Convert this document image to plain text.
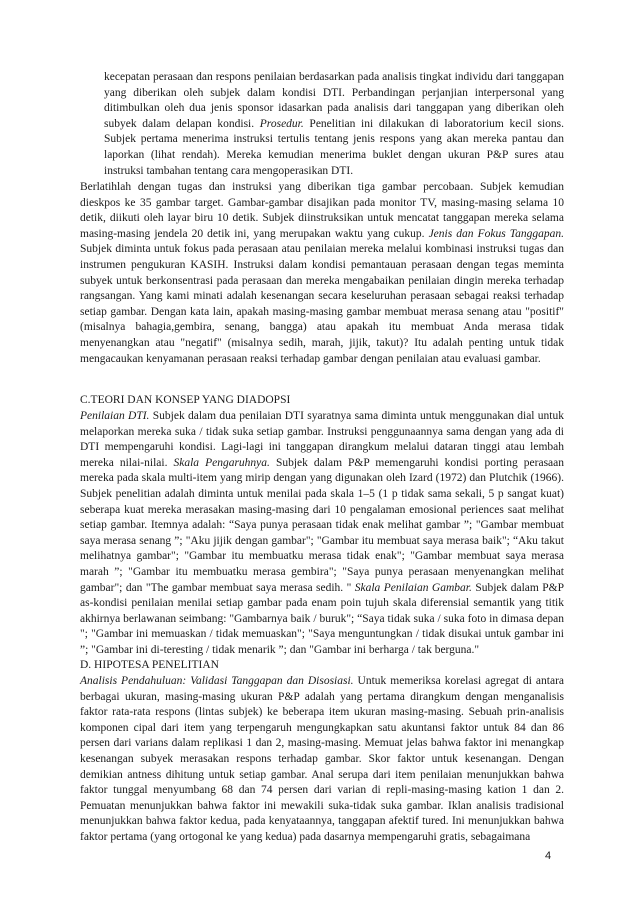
kecepatan perasaan dan respons penilaian berdasarkan pada analisis tingkat individu dari tanggapan yang diberikan oleh subjek dalam kondisi DTI. Perbandingan perjanjian interpersonal yang ditimbulkan oleh dua jenis sponsor idasarkan pada analisis dari tanggapan yang diberikan oleh subyek dalam delapan kondisi. Prosedur. Penelitian ini dilakukan di laboratorium kecil sions. Subjek pertama menerima instruksi tertulis tentang jenis respons yang akan mereka pantau dan laporkan (lihat rendah). Mereka kemudian menerima buklet dengan ukuran P&P sures atau instruksi tambahan tentang cara mengoperasikan DTI.

Berlatihlah dengan tugas dan instruksi yang diberikan tiga gambar percobaan. Subjek kemudian dieskpos ke 35 gambar target. Gambar-gambar disajikan pada monitor TV, masing-masing selama 10 detik, diikuti oleh layar biru 10 detik. Subjek diinstruksikan untuk mencatat tanggapan mereka selama masing-masing jendela 20 detik ini, yang merupakan waktu yang cukup. Jenis dan Fokus Tanggapan. Subjek diminta untuk fokus pada perasaan atau penilaian mereka melalui kombinasi instruksi tugas dan instrumen pengukuran KASIH. Instruksi dalam kondisi pemantauan perasaan dengan tegas meminta subyek untuk berkonsentrasi pada perasaan dan mereka mengabaikan penilaian dingin mereka terhadap rangsangan. Yang kami minati adalah kesenangan secara keseluruhan perasaan sebagai reaksi terhadap setiap gambar. Dengan kata lain, apakah masing-masing gambar membuat merasa senang atau "positif" (misalnya bahagia,gembira, senang, bangga) atau apakah itu membuat Anda merasa tidak menyenangkan atau "negatif" (misalnya sedih, marah, jijik, takut)? Itu adalah penting untuk tidak mengacaukan kenyamanan perasaan reaksi terhadap gambar dengan penilaian atau evaluasi gambar.

C.TEORI DAN KONSEP YANG DIADOPSI

Penilaian DTI. Subjek dalam dua penilaian DTI syaratnya sama diminta untuk menggunakan dial untuk melaporkan mereka suka / tidak suka setiap gambar. Instruksi penggunaannya sama dengan yang ada di DTI mempengaruhi kondisi. Lagi-lagi ini tanggapan dirangkum melalui dataran tinggi atau lembah mereka nilai-nilai. Skala Pengaruhnya. Subjek dalam P&P memengaruhi kondisi porting perasaan mereka pada skala multi-item yang mirip dengan yang digunakan oleh Izard (1972) dan Plutchik (1966). Subjek penelitian adalah diminta untuk menilai pada skala 1–5 (1 p tidak sama sekali, 5 p sangat kuat) seberapa kuat mereka merasakan masing-masing dari 10 pengalaman emosional periences saat melihat setiap gambar. Itemnya adalah: “Saya punya perasaan tidak enak melihat gambar ”; "Gambar membuat saya merasa senang ”; "Aku jijik dengan gambar"; "Gambar itu membuat saya merasa baik"; “Aku takut melihatnya gambar"; "Gambar itu membuatku merasa tidak enak"; "Gambar membuat saya merasa marah ”; "Gambar itu membuatku merasa gembira"; "Saya punya perasaan menyenangkan melihat gambar"; dan "The gambar membuat saya merasa sedih. " Skala Penilaian Gambar. Subjek dalam P&P as-kondisi penilaian menilai setiap gambar pada enam poin tujuh skala diferensial semantik yang titik akhirnya berlawanan seimbang: "Gambarnya baik / buruk"; “Saya tidak suka / suka foto in dimasa depan "; "Gambar ini memuaskan / tidak memuaskan"; "Saya menguntungkan / tidak disukai untuk gambar ini ”; "Gambar ini di-teresting / tidak menarik ”; dan "Gambar ini berharga / tak berguna."

D. HIPOTESA PENELITIAN

Analisis Pendahuluan: Validasi Tanggapan dan Disosiasi. Untuk memeriksa korelasi agregat di antara berbagai ukuran, masing-masing ukuran P&P adalah yang pertama dirangkum dengan menganalisis faktor rata-rata respons (lintas subjek) ke beberapa item ukuran masing-masing. Sebuah prin-analisis komponen cipal dari item yang terpengaruh mengungkapkan satu akuntansi faktor untuk 84 dan 86 persen dari varians dalam replikasi 1 dan 2, masing-masing. Memuat jelas bahwa faktor ini menangkap kesenangan subyek merasakan respons terhadap gambar. Skor faktor untuk kesenangan. Dengan demikian antness dihitung untuk setiap gambar. Anal serupa dari item penilaian menunjukkan bahwa faktor tunggal menyumbang 68 dan 74 persen dari varian di repli-masing-masing kation 1 dan 2. Pemuatan menunjukkan bahwa faktor ini mewakili suka-tidak suka gambar. Iklan analisis tradisional menunjukkan bahwa faktor kedua, pada kenyataannya, tanggapan afektif tured. Ini menunjukkan bahwa faktor pertama (yang ortogonal ke yang kedua) pada dasarnya mempengaruhi gratis, sebagaimana

4
